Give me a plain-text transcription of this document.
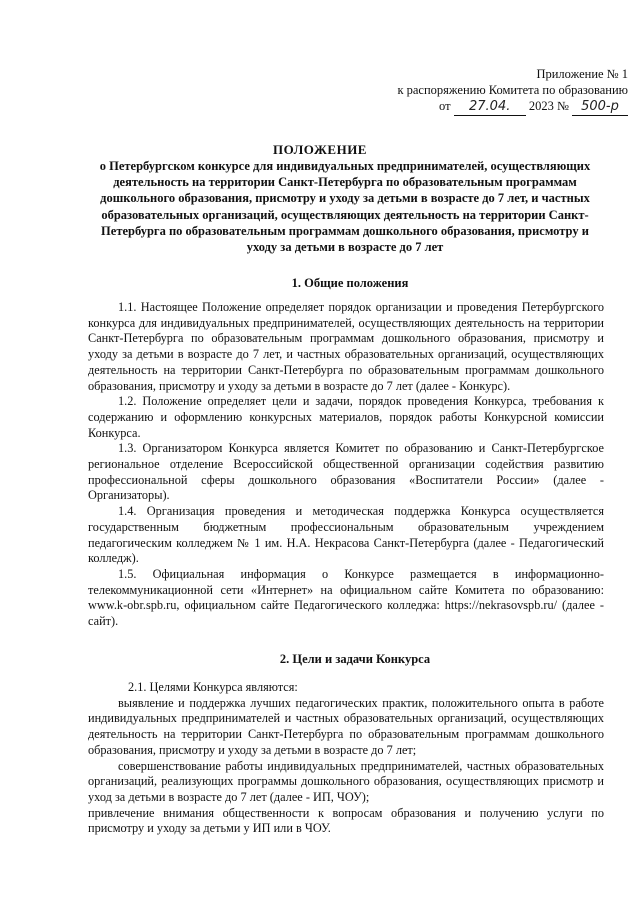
Приложение № 1
к распоряжению Комитета по образованию
от 27.04. 2023 № 500-р
ПОЛОЖЕНИЕ
о Петербургском конкурсе для индивидуальных предпринимателей, осуществляющих деятельность на территории Санкт-Петербурга по образовательным программам дошкольного образования, присмотру и уходу за детьми в возрасте до 7 лет, и частных образовательных организаций, осуществляющих деятельность на территории Санкт-Петербурга по образовательным программам дошкольного образования, присмотру и уходу за детьми в возрасте до 7 лет
1. Общие положения

1.1. Настоящее Положение определяет порядок организации и проведения Петербургского конкурса для индивидуальных предпринимателей, осуществляющих деятельность на территории Санкт-Петербурга по образовательным программам дошкольного образования, присмотру и уходу за детьми в возрасте до 7 лет, и частных образовательных организаций, осуществляющих деятельность на территории Санкт-Петербурга по образовательным программам дошкольного образования, присмотру и уходу за детьми в возрасте до 7 лет (далее - Конкурс).

1.2. Положение определяет цели и задачи, порядок проведения Конкурса, требования к содержанию и оформлению конкурсных материалов, порядок работы Конкурсной комиссии Конкурса.

1.3. Организатором Конкурса является Комитет по образованию и Санкт-Петербургское региональное отделение Всероссийской общественной организации содействия развитию профессиональной сферы дошкольного образования «Воспитатели России» (далее - Организаторы).

1.4. Организация проведения и методическая поддержка Конкурса осуществляется государственным бюджетным профессиональным образовательным учреждением педагогическим колледжем № 1 им. Н.А. Некрасова Санкт-Петербурга (далее - Педагогический колледж).

1.5. Официальная информация о Конкурсе размещается в информационно-телекоммуникационной сети «Интернет» на официальном сайте Комитета по образованию: www.k-obr.spb.ru, официальном сайте Педагогического колледжа: https://nekrasovspb.ru/ (далее - сайт).

2. Цели и задачи Конкурса

2.1. Целями Конкурса являются:

выявление и поддержка лучших педагогических практик, положительного опыта в работе индивидуальных предпринимателей и частных образовательных организаций, осуществляющих деятельность на территории Санкт-Петербурга по образовательным программам дошкольного образования, присмотру и уходу за детьми в возрасте до 7 лет;

совершенствование работы индивидуальных предпринимателей, частных образовательных организаций, реализующих программы дошкольного образования, осуществляющих присмотр и уход за детьми в возрасте до 7 лет (далее - ИП, ЧОУ);

привлечение внимания общественности к вопросам образования и получению услуги по присмотру и уходу за детьми у ИП или в ЧОУ.
